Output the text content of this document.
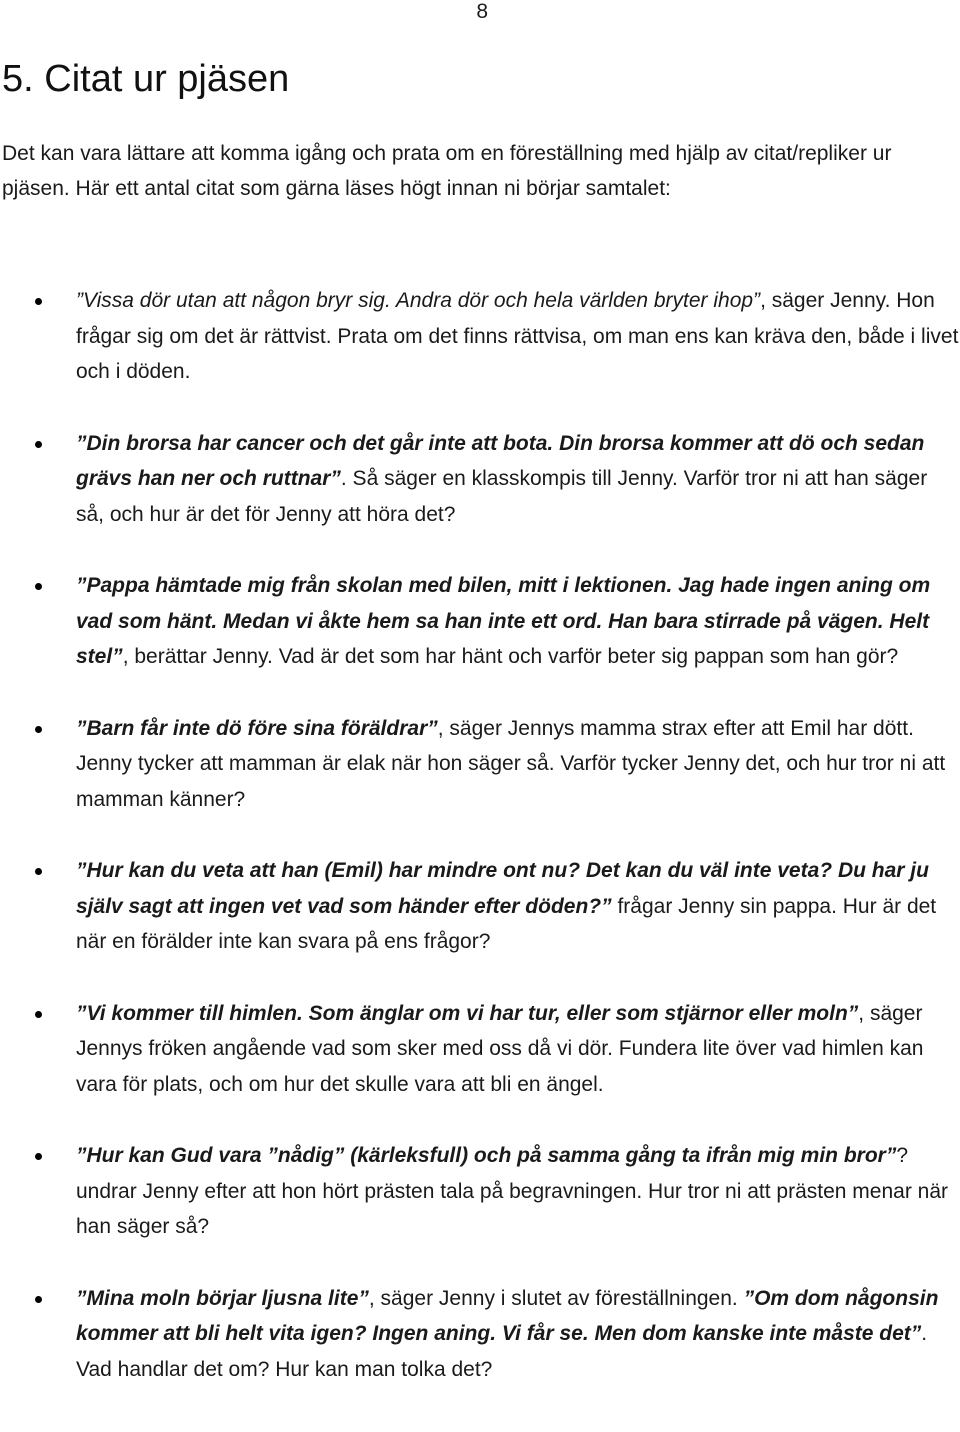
8
5. Citat ur pjäsen

Det kan vara lättare att komma igång och prata om en föreställning med hjälp av citat/repliker ur pjäsen. Här ett antal citat som gärna läses högt innan ni börjar samtalet:

”Vissa dör utan att någon bryr sig. Andra dör och hela världen bryter ihop”, säger Jenny. Hon frågar sig om det är rättvist. Prata om det finns rättvisa, om man ens kan kräva den, både i livet och i döden.
”Din brorsa har cancer och det går inte att bota. Din brorsa kommer att dö och sedan grävs han ner och ruttnar”. Så säger en klasskompis till Jenny. Varför tror ni att han säger så, och hur är det för Jenny att höra det?
”Pappa hämtade mig från skolan med bilen, mitt i lektionen. Jag hade ingen aning om vad som hänt. Medan vi åkte hem sa han inte ett ord. Han bara stirrade på vägen. Helt stel”, berättar Jenny. Vad är det som har hänt och varför beter sig pappan som han gör?
”Barn får inte dö före sina föräldrar”, säger Jennys mamma strax efter att Emil har dött. Jenny tycker att mamman är elak när hon säger så. Varför tycker Jenny det, och hur tror ni att mamman känner?
”Hur kan du veta att han (Emil) har mindre ont nu? Det kan du väl inte veta? Du har ju själv sagt att ingen vet vad som händer efter döden?” frågar Jenny sin pappa. Hur är det när en förälder inte kan svara på ens frågor?
”Vi kommer till himlen. Som änglar om vi har tur, eller som stjärnor eller moln”, säger Jennys fröken angående vad som sker med oss då vi dör. Fundera lite över vad himlen kan vara för plats, och om hur det skulle vara att bli en ängel.
”Hur kan Gud vara ”nådig” (kärleksfull) och på samma gång ta ifrån mig min bror”? undrar Jenny efter att hon hört prästen tala på begravningen. Hur tror ni att prästen menar när han säger så?
”Mina moln börjar ljusna lite”, säger Jenny i slutet av föreställningen. ”Om dom någonsin kommer att bli helt vita igen? Ingen aning. Vi får se. Men dom kanske inte måste det”. Vad handlar det om? Hur kan man tolka det?
